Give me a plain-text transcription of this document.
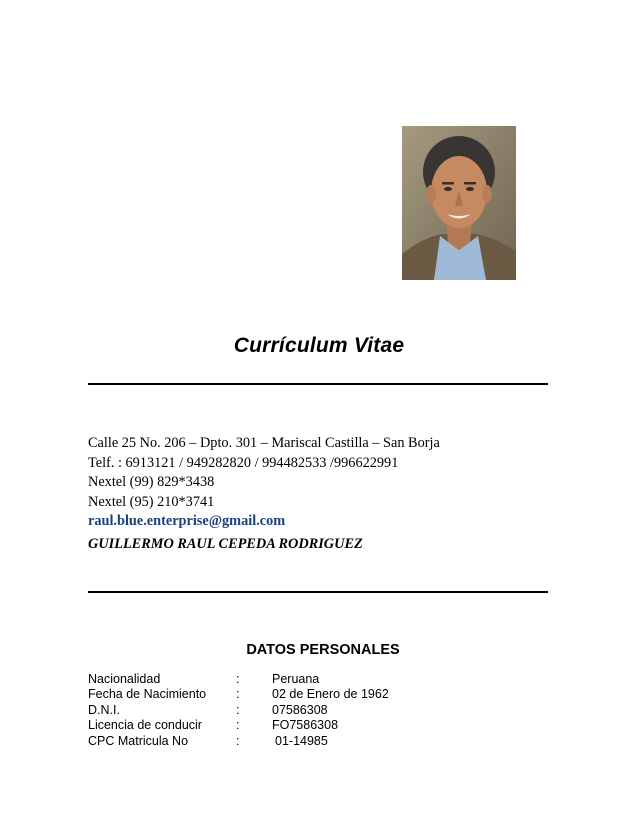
Currículum Vitae
Calle 25 No. 206 – Dpto. 301 – Mariscal Castilla – San Borja
Telf. : 6913121 / 949282820 / 994482533 /996622991
Nextel (99) 829*3438
Nextel (95) 210*3741
raul.blue.enterprise@gmail.com
GUILLERMO RAUL CEPEDA RODRIGUEZ
DATOS PERSONALES
Nacionalidad	:	Peruana
Fecha de Nacimiento :	02 de Enero de 1962
D.N.I.	:	07586308
Licencia de conducir	:	FO7586308
CPC Matricula No	:	01-14985
